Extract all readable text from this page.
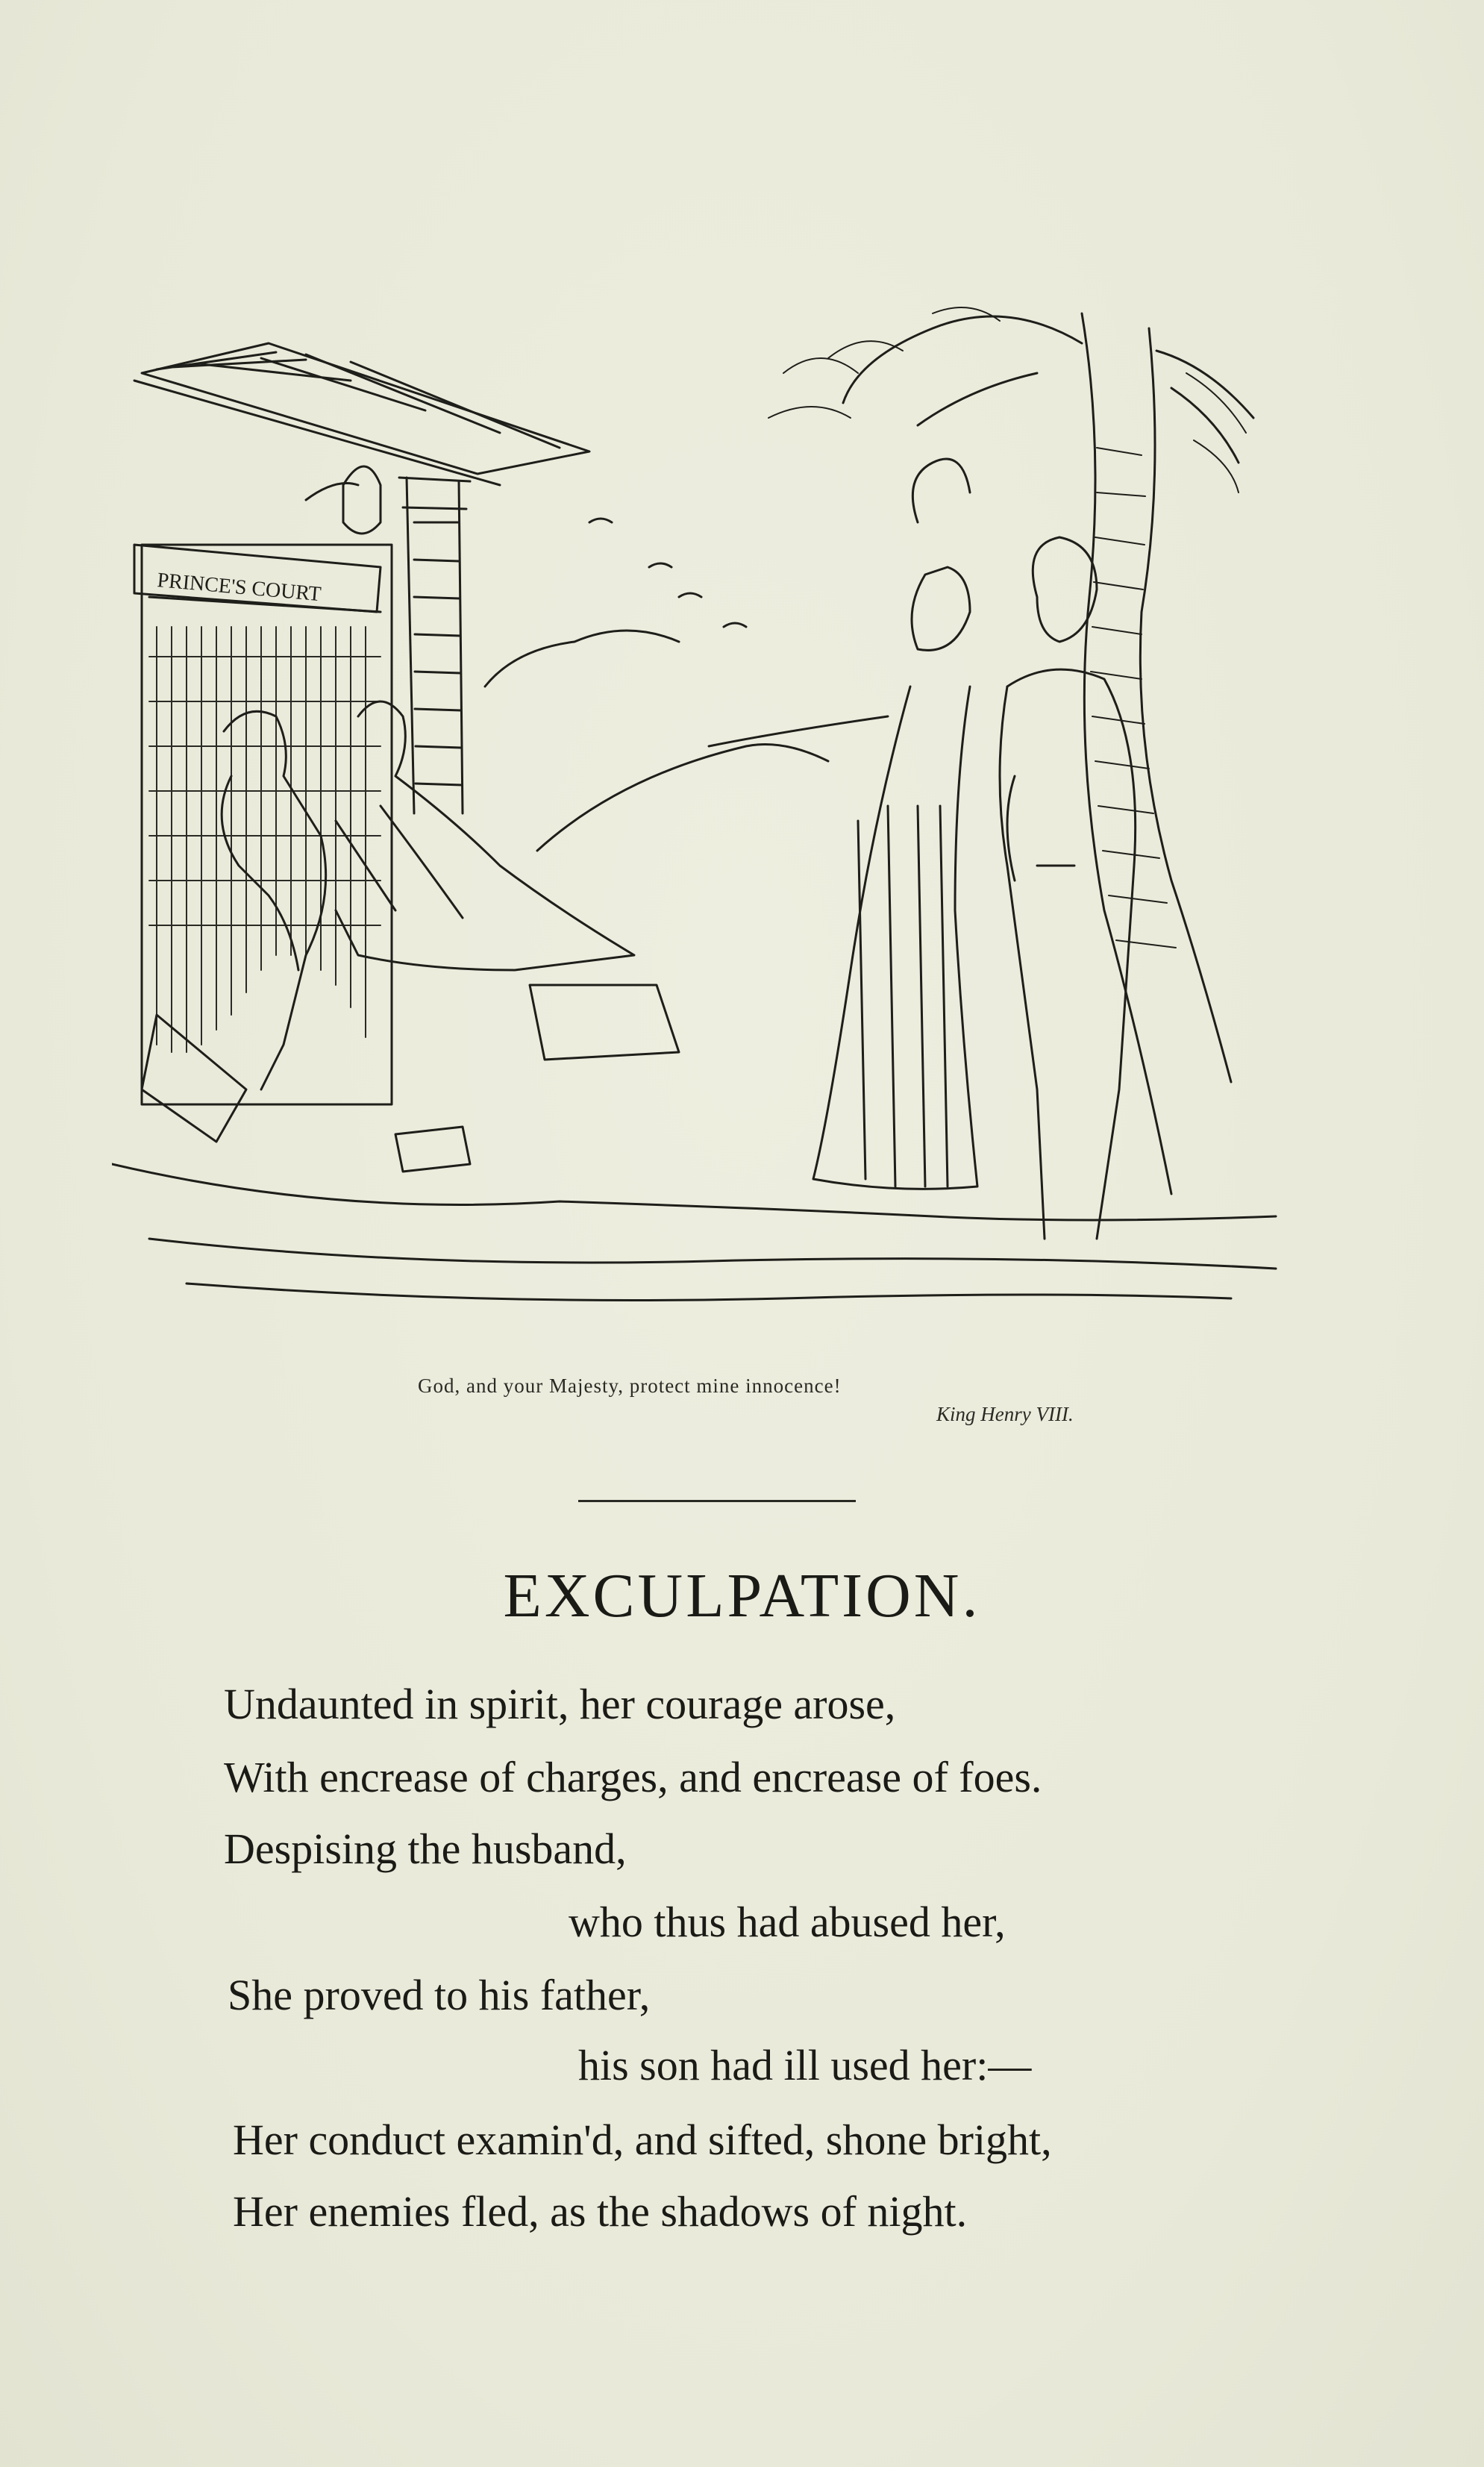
PRINCE'S COURT
God, and your Majesty, protect mine innocence!
King Henry VIII.
EXCULPATION.
Undaunted in spirit, her courage arose,
With encrease of charges, and encrease of foes.
Despising the husband,
who thus had abused her,
She proved to his father,
his son had ill used her:—
Her conduct examin'd, and sifted, shone bright,
Her enemies fled, as the shadows of night.
